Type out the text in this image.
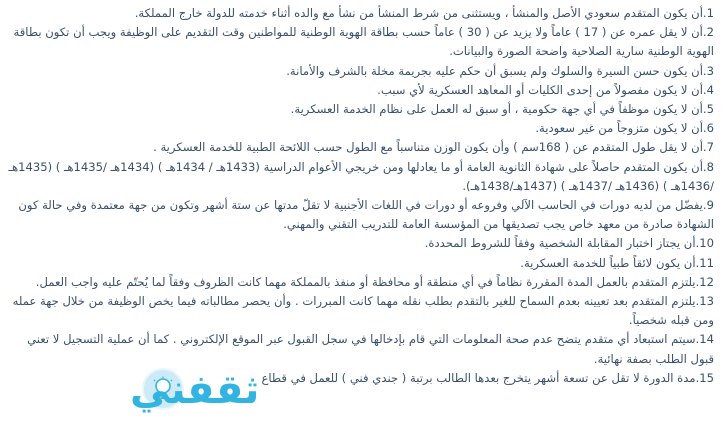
1.أن يكون المتقدم سعودي الأصل والمنشأ ، ويستثنى من شرط المنشأ من نشأ مع والده أثناء خدمته للدولة خارج المملكة.

2.أن لا يقل عمره عن ( 17 ) عاماً ولا يزيد عن ( 30 ) عاماً حسب بطاقة الهوية الوطنية للمواطنين وقت التقديم على الوظيفة ويجب أن تكون بطاقة الهوية الوطنية سارية الصلاحية واضحة الصورة والبيانات.

3.أن يكون حسن السيرة والسلوك ولم يسبق أن حكم عليه بجريمة مخلة بالشرف والأمانة.

4.أن لا يكون مفصولاً من إحدى الكليات أو المعاهد العسكرية لأي سبب.

5.أن لا يكون موظفاً في أي جهة حكومية ، أو سبق له العمل على نظام الخدمة العسكرية.

6.أن لا يكون متزوجاً من غير سعودية.

7.أن لا يقل طول المتقدم عن ( 168سم ) وأن يكون الوزن متناسباً مع الطول حسب اللائحة الطبية للخدمة العسكرية .

8.أن يكون المتقدم حاصلاً على شهادة الثانوية العامة أو ما يعادلها ومن خريجي الأعوام الدراسية (1433هـ / 1434هـ ) (1434هـ /1435هـ ) (1435هـ /1436هـ ) (1436هـ /1437هـ ) (1437هـ/1438هـ).

9.يفضّل من لديه دورات في الحاسب الآلي وفروعه أو دورات في اللغات الأجنبية لا تقلّ مدتها عن ستة أشهر وتكون من جهة معتمدة وفي حالة كون الشهادة صادرة من معهد خاص يجب تصديقها من المؤسسة العامة للتدريب التقني والمهني.

10.أن يجتاز اختبار المقابلة الشخصية وفقاً للشروط المحددة.

11.أن يكون لائقاً طبياً للخدمة العسكرية.

12.يلتزم المتقدم بالعمل المدة المقررة نظاماً في أي منطقة أو محافظة أو منفذ بالمملكة مهما كانت الظروف وفقاً لما يُحتّم عليه واجب العمل.

13.يلتزم المتقدم بعد تعيينه بعدم السماح للغير بالتقدم بطلب نقله مهما كانت المبررات . وأن يحصر مطالباته فيما يخص الوظيفة من خلال جهة عمله ومن قبله شخصياً.

14.سيتم استبعاد أي متقدم يتضح عدم صحة المعلومات التي قام بإدخالها في سجل القبول عبر الموقع الإلكتروني . كما أن عملية التسجيل لا تعني قبول الطلب بصفة نهائية.

15.مدة الدورة لا تقل عن تسعة أشهر يتخرج بعدها الطالب برتبة ( جندي فني ) للعمل في قطاع

ثقفني
